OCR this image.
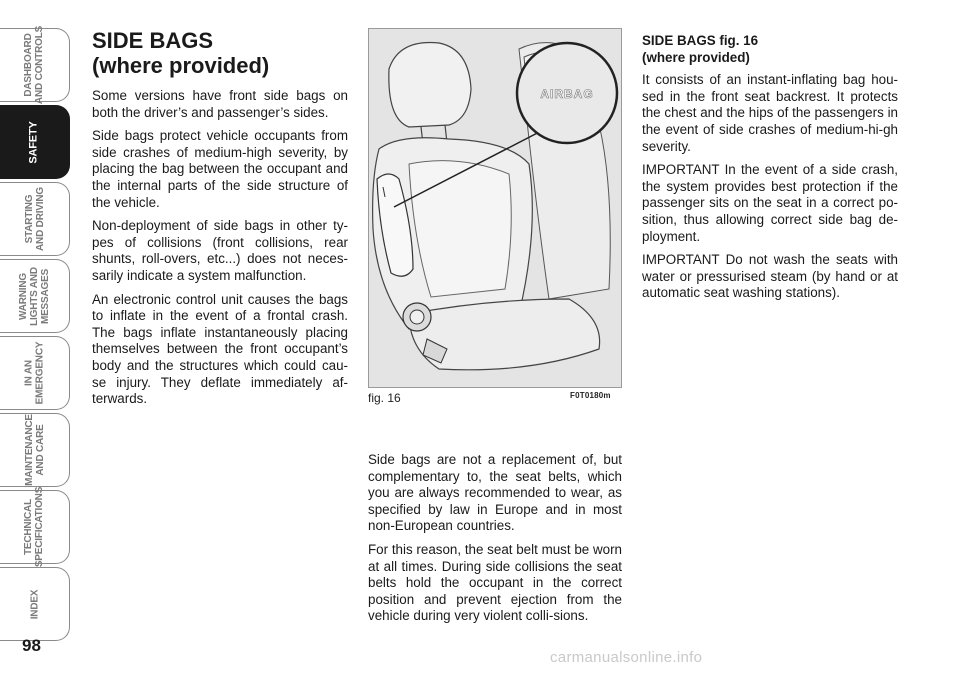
DASHBOARD
AND CONTROLS
SAFETY
STARTING
AND DRIVING
WARNING
LIGHTS AND
MESSAGES
IN AN
EMERGENCY
MAINTENANCE
AND CARE
TECHNICAL
SPECIFICATIONS
INDEX
98
SIDE BAGS
(where provided)

Some versions have front side bags on both the driver’s and passenger’s sides.

Side bags protect vehicle occupants from side crashes of medium-high severity, by placing the bag between the occupant and the internal parts of the side structure of the vehicle.

Non-deployment of side bags in other ty-pes of collisions (front collisions, rear shunts, roll-overs, etc...) does not neces-sarily indicate a system malfunction.

An electronic control unit causes the bags to inflate in the event of a frontal crash. The bags inflate instantaneously placing themselves between the front occupant’s body and the structures which could cau-se injury. They deflate immediately af-terwards.

AIRBAG
fig. 16	F0T0180m

Side bags are not a replacement of, but complementary to, the seat belts, which you are always recommended to wear, as specified by law in Europe and in most non-European countries.

For this reason, the seat belt must be worn at all times. During side collisions the seat belts hold the occupant in the correct position and prevent ejection from the vehicle during very violent colli-sions.

SIDE BAGS fig. 16
(where provided)

It consists of an instant-inflating bag hou-sed in the front seat backrest. It protects the chest and the hips of the passengers in the event of side crashes of medium-hi-gh severity.

IMPORTANT In the event of a side crash, the system provides best protection if the passenger sits on the seat in a correct po-sition, thus allowing correct side bag de-ployment.

IMPORTANT Do not wash the seats with water or pressurised steam (by hand or at automatic seat washing stations).

carmanualsonline.info
